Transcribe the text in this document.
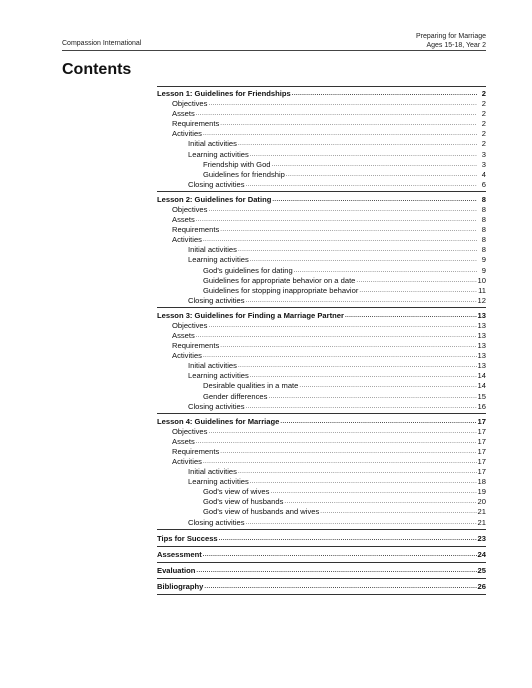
Compassion International
Preparing for Marriage
Ages 15-18, Year 2
Contents
Lesson 1: Guidelines for Friendships .....	2
Objectives .....	2
Assets .....	2
Requirements .....	2
Activities .....	2
Initial activities .....	2
Learning activities .....	3
Friendship with God .....	3
Guidelines for friendship .....	4
Closing activities .....	6
Lesson 2: Guidelines for Dating .....	8
Objectives .....	8
Assets .....	8
Requirements .....	8
Activities .....	8
Initial activities .....	8
Learning activities .....	9
God's guidelines for dating .....	9
Guidelines for appropriate behavior on a date .....	10
Guidelines for stopping inappropriate behavior .....	11
Closing activities .....	12
Lesson 3: Guidelines for Finding a Marriage Partner .....	13
Objectives .....	13
Assets .....	13
Requirements .....	13
Activities .....	13
Initial activities .....	13
Learning activities .....	14
Desirable qualities in a mate .....	14
Gender differences .....	15
Closing activities .....	16
Lesson 4: Guidelines for Marriage .....	17
Objectives .....	17
Assets .....	17
Requirements .....	17
Activities .....	17
Initial activities .....	17
Learning activities .....	18
God's view of wives .....	19
God's view of husbands .....	20
God's view of husbands and wives .....	21
Closing activities .....	21
Tips for Success .....	23
Assessment .....	24
Evaluation .....	25
Bibliography .....	26
